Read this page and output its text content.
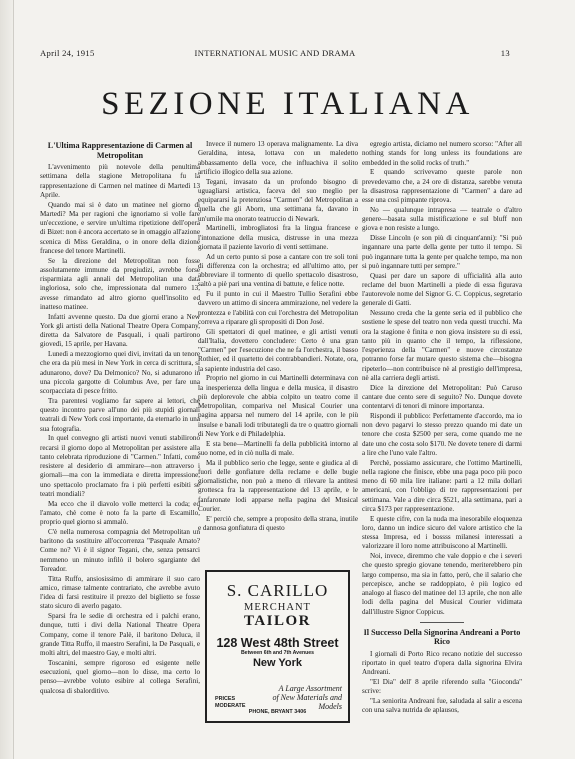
April 24, 1915	INTERNATIONAL MUSIC AND DRAMA	13
SEZIONE ITALIANA
L'Ultima Rappresentazione di Carmen al Metropolitan

L'avvenimento più notevole della penultima settimana della stagione Metropolitana fu la rappresentazione di Carmen nel matinee di Martedì 13 Aprile.

Quando mai si è dato un matinee nel giorno di Martedì? Ma per ragioni che ignoriamo si volle fare un'eccezione, e servire un'ultima ripetizione dell'opera di Bizet: non è ancora accertato se in omaggio all'azione scenica di Miss Geraldina, o in onore della dizione francese del tenore Martinelli.

Se la direzione del Metropolitan non fosse assolutamente immune da pregiudizi, avrebbe forse risparmiata agli annali del Metropolitan una data ingloriosa, solo che, impressionata dal numero 13, avesse rimandato ad altro giorno quell'insolito ed inatteso matinee.

Infatti avvenne questo. Da due giorni erano a New York gli artisti della National Theatre Opera Company, diretta da Salvatore de Pasquali, i quali partirono giovedì, 15 aprile, per Havana.

Lunedì a mezzogiorno quei divi, invitati da un tenore che era da più mesi in New York in cerca di scrittura, si adunarono, dove? Da Delmonico? No, si adunarono in una piccola gargotte di Columbus Ave, per fare una scorpacciata di pesce fritto.

Tra parentesi vogliamo far sapere ai lettori, che questo incontro parve all'uno dei più stupidi giornali teatrali di New York così importante, da eternarlo in una sua fotografia.

In quel convegno gli artisti nuovi venuti stabilirono recarsi il giorno dopo al Metropolitan per assistere alla tanto celebrata riproduzione di "Carmen." Infatti, come resistere al desiderio di ammirare—non attraverso i giornali—ma con la immediata e diretta impressione, uno spettacolo proclamato fra i più perfetti esibiti se teatri mondiali?

Ma ecco che il diavolo volle metterci la coda; ed l'amato, chè come è noto fa la parte di Escamillo, proprio quel giorno si ammalò.

C'è nella numerosa compagnia del Metropolitan un baritono da sostituire all'occorrenza "Pasquale Amato? Come no? Vi è il signor Tegani, che, senza pensarci nemmeno un minuto infilò il bolero sgargiante del Toreador.

Titta Ruffo, ansiosissimo di ammirare il suo caro amico, rimase talmente contrariato, che avrebbe avuto l'idea di farsi restituire il prezzo del biglietto se fosse stato sicuro di averlo pagato.

Sparsi fra le sedie di orchestra ed i palchi erano, dunque, tutti i divi della National Theatre Opera Company, come il tenore Palè, il baritono Deluca, il grande Titta Ruffo, il maestro Serafini, la De Pasquali, e molti altri, del maestro Gay, e molti altri.

Toscanini, sempre rigoroso ed esigente nelle esecuzioni, quel giorno—non lo disse, ma certo lo penso—avrebbe voluto esibire al collega Serafini, qualcosa di sbalorditivo.

Invece il numero 13 operava malignamente. La diva Geraldina, intesa, lottava con un maledetto abbassamento della voce, che influachiva il solito artificio illogico della sua azione.

Tegani, invasato da un profondo bisogno di uguagliarsi artistica, faceva del suo meglio per equipararsi la pretenziosa "Carmen" del Metropolitan a quella che gli Aborn, una settimana fa, davano in un'umile ma onorato teatruccio di Newark.

Martinelli, imbrogliatosi fra la lingua francese e l'intonazione della musica, distrusse in una mezza giornata il paziente lavorio di venti settimane.

Ad un certo punto si pose a cantare con tre soli toni di differenza con la orchestra; ed all'ultimo atto, per abbreviare il tormento di quello spettacolo disastroso, saltò a piè pari una ventina di battute, e felice notte.

Fu il punto in cui il Maestro Tullio Serafini ebbe davvero un attimo di sincera ammirazione, nel vedere la prontezza e l'abilità con cui l'orchestra del Metropolitan correva a riparare gli spropositi di Don José.

Gli spettatori di quel matinee, e gli artisti venuti dall'Italia, dovettero concludere: Certo è una gran "Carmen" per l'esecuzione che ne fa l'orchestra, il basso Rothier, ed il quartetto dei contrabbandieri. Notate, ora, la sapiente industria del caso.

Proprio nel giorno in cui Martinelli determinava con la inesperienza della lingua e della musica, il disastro più deplorevole che abbia colpito un teatro come il Metropolitan, compariva nel Musical Courier una pagina apparsa nel numero del 14 aprile, con le più insulse e banali lodi tributategli da tre o quattro giornali di New York e di Philadelphia.

E sta bene—Martinelli fa della pubblicità intorno al suo nome, ed in ciò nulla di male.

Ma il pubblico serio che legge, sente e giudica al di fuori delle gonfiature della reclame e delle bugie giornalistiche, non può a meno di rilevare la antitesi grottesca fra la rappresentazione del 13 aprile, e le fanfaronate lodi apparse nella pagina del Musical Courier.

E' perciò che, sempre a proposito della strana, inutile e dannosa gonfiatura di questo

S. CARILLO
MERCHANT
TAILOR
128 West 48th Street
Between 6th and 7th Avenues
New York
A Large Assortment of New Materials and Models
PRICES
MODERATE
PHONE, BRYANT 3406

egregio artista, diciamo nel numero scorso: "After all nothing stands for long unless its foundations are embedded in the solid rocks of truth."

E quando scrivevamo queste parole non prevedevamo che, a 24 ore di distanza, sarebbe venuta la disastrosa rappresentazione di "Carmen" a dare ad esse una così pimpante riprova.

No — qualunque intrapresa — teatrale o d'altro genere—basata sulla mistificazione e sul bluff non giova e non resiste a lungo.

Disse Lincoln (e son più di cinquant'anni): "Si può ingannare una parte della gente per tutto il tempo. Si può ingannare tutta la gente per qualche tempo, ma non si può ingannare tutti per sempre."

Quasi per dare un sapore di ufficialità alla auto reclame del buon Martinelli a piede di essa figurava l'autorevole nome del Signor G. C. Coppicus, segretario generale di Gatti.

Nessuno creda che la gente seria ed il pubblico che sostiene le spese del teatro non veda questi trucchi. Ma ora la stagione è finita e non giova insistere su di essi, tanto più in quanto che il tempo, la riflessione, l'esperienza della "Carmen" e nuove circostanze potranno forse far mutare questo sistema che—bisogna ripeterlo—non contribuisce nè al prestigio dell'impresa, nè alla carriera degli artisti.

Dice la direzione del Metropolitan: Può Caruso cantare due cento sere di seguito? No. Dunque dovete contentarvi di tenori di minore importanza.

Rispondi il pubblico: Perfettamente d'accordo, ma io non devo pagarvi lo stesso prezzo quando mi date un tenore che costa $2500 per sera, come quando me ne date uno che costa solo $170. Ne dovete tenere di darmi a lire che l'uno vale l'altro.

Perchè, possiamo assicurare, che l'ottimo Martinelli, nella ragione che finisce, ebbe una paga poco più poco meno di 60 mila lire italiane: parti a 12 mila dollari americani, con l'obbligo di tre rappresentazioni per settimana. Vale a dire circa $521, alla settimana, pari a circa $173 per rappresentazione.

E queste cifre, con la nuda ma inesorabile eloquenza loro, danno un indice sicuro del valore artistico che la stessa Impresa, ed i bossss milanesi interessati a valorizzare il loro nome attribuiscono al Martinelli.

Noi, invece, diremmo che vale doppio e che i severi che questo spregio giovane tenendo, meriterebbero pin largo compenso, ma sia in fatto, però, che il salario che percepisce, anche se raddoppiato, è più logico ed analogo al fiasco del matinee del 13 aprile, che non alle lodi della pagina del Musical Courier vidimata dall'illustre Signor Coppicus.

Il Successo Della Signorina Andreani a Porto Rico

I giornali di Porto Rico recano notizie del successo riportato in quel teatro d'opera dalla signorina Elvira Andreani.

"El Dia" dell' 8 aprile riferendo sulla "Gioconda" scrive:

"La seniorita Andreani fue, saludada al salir a escena con una salva nutrida de aplausos,
